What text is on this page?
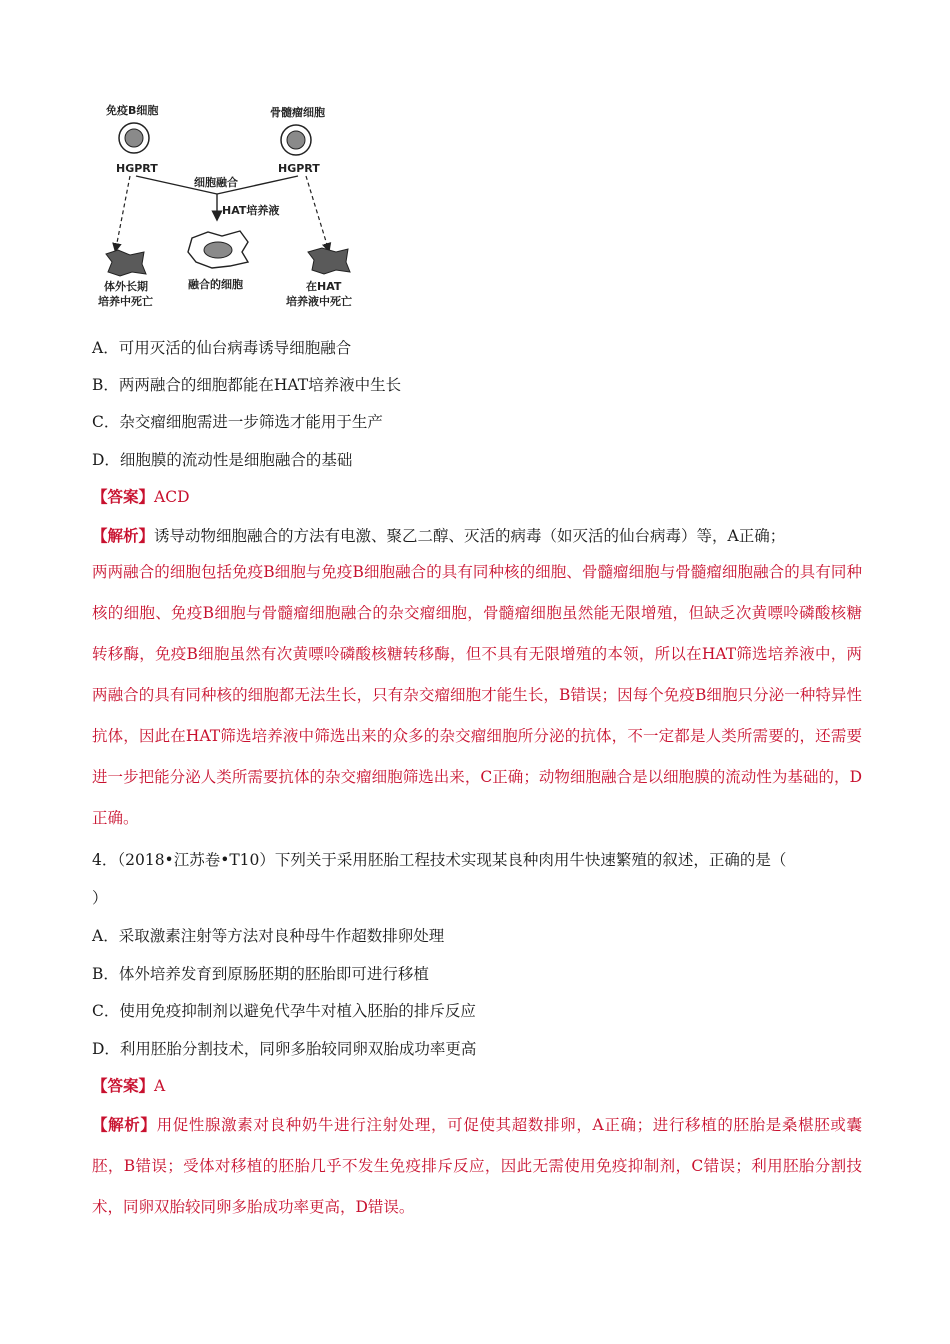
免疫B细胞	骨髓瘤细胞
HGPRT	HGPRT
细胞融合
HAT培养液
体外长期
培养中死亡
融合的细胞	在HAT
培养液中死亡
A．可用灭活的仙台病毒诱导细胞融合
B．两两融合的细胞都能在HAT培养液中生长
C．杂交瘤细胞需进一步筛选才能用于生产
D．细胞膜的流动性是细胞融合的基础
【答案】ACD
【解析】诱导动物细胞融合的方法有电激、聚乙二醇、灭活的病毒（如灭活的仙台病毒）等，A正确；
两两融合的细胞包括免疫B细胞与免疫B细胞融合的具有同种核的细胞、骨髓瘤细胞与骨髓瘤细胞融合的具有同种核的细胞、免疫B细胞与骨髓瘤细胞融合的杂交瘤细胞，骨髓瘤细胞虽然能无限增殖，但缺乏次黄嘌呤磷酸核糖转移酶，免疫B细胞虽然有次黄嘌呤磷酸核糖转移酶，但不具有无限增殖的本领，所以在HAT筛选培养液中，两两融合的具有同种核的细胞都无法生长，只有杂交瘤细胞才能生长，B错误；因每个免疫B细胞只分泌一种特异性抗体，因此在HAT筛选培养液中筛选出来的众多的杂交瘤细胞所分泌的抗体，不一定都是人类所需要的，还需要进一步把能分泌人类所需要抗体的杂交瘤细胞筛选出来，C正确；动物细胞融合是以细胞膜的流动性为基础的，D正确。
4．（2018•江苏卷•T10）下列关于采用胚胎工程技术实现某良种肉用牛快速繁殖的叙述，正确的是（
）
A．采取激素注射等方法对良种母牛作超数排卵处理
B．体外培养发育到原肠胚期的胚胎即可进行移植
C．使用免疫抑制剂以避免代孕牛对植入胚胎的排斥反应
D．利用胚胎分割技术，同卵多胎较同卵双胎成功率更高
【答案】A
【解析】用促性腺激素对良种奶牛进行注射处理，可促使其超数排卵，A正确；进行移植的胚胎是桑椹胚或囊胚，B错误；受体对移植的胚胎几乎不发生免疫排斥反应，因此无需使用免疫抑制剂，C错误；利用胚胎分割技术，同卵双胎较同卵多胎成功率更高，D错误。
